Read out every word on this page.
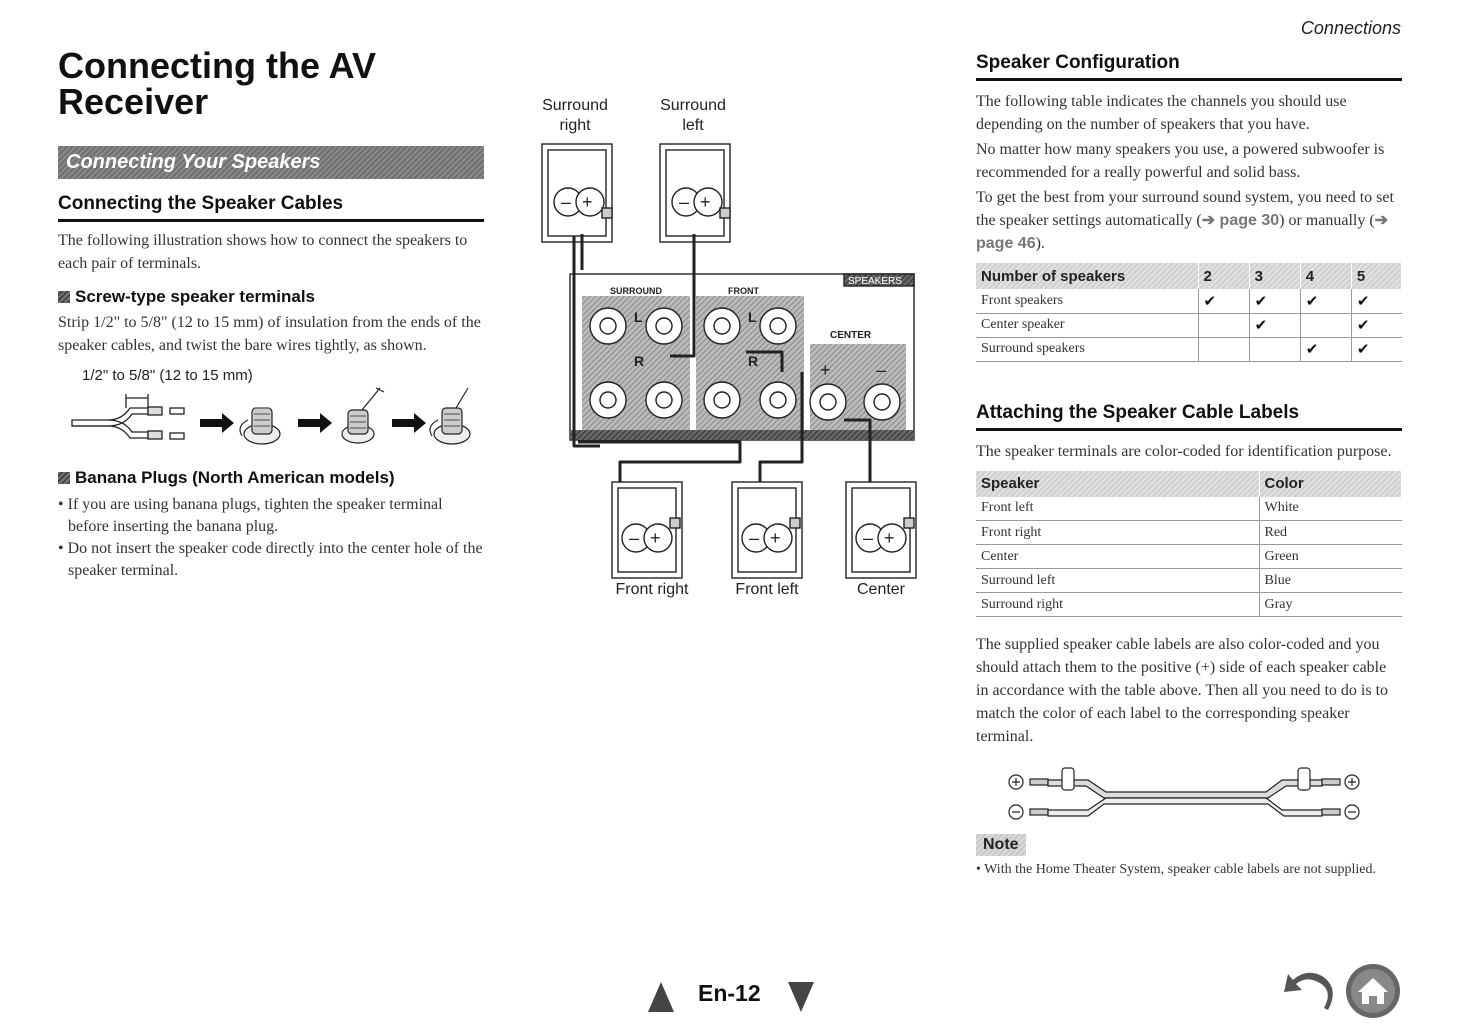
Connections
Connecting the AV Receiver
Connecting Your Speakers
Connecting the Speaker Cables

The following illustration shows how to connect the speakers to each pair of terminals.

Screw-type speaker terminals

Strip 1/2" to 5/8" (12 to 15 mm) of insulation from the ends of the speaker cables, and twist the bare wires tightly, as shown.

1/2" to 5/8" (12 to 15 mm)
Banana Plugs (North American models)
• If you are using banana plugs, tighten the speaker terminal before inserting the banana plug.
• Do not insert the speaker code directly into the center hole of the speaker terminal.
Surround
right
Surround
left
– +	– +
SPEAKERS
SURROUND	FRONT
CENTER
L	L
R	R	+	–
– +	– +	– +
Front right	Front left	Center
Speaker Configuration

The following table indicates the channels you should use depending on the number of speakers that you have.

No matter how many speakers you use, a powered subwoofer is recommended for a really powerful and solid bass.

To get the best from your surround sound system, you need to set the speaker settings automatically (➔ page 30) or manually (➔ page 46).

Number of speakers	2	3	4	5
Front speakers	✔	✔	✔	✔
Center speaker		✔		✔
Surround speakers			✔	✔
Attaching the Speaker Cable Labels

The speaker terminals are color-coded for identification purpose.

Speaker	Color
Front left	White
Front right	Red
Center	Green
Surround left	Blue
Surround right	Gray

The supplied speaker cable labels are also color-coded and you should attach them to the positive (+) side of each speaker cable in accordance with the table above. Then all you need to do is to match the color of each label to the corresponding speaker terminal.

Note

• With the Home Theater System, speaker cable labels are not supplied.

En-12
